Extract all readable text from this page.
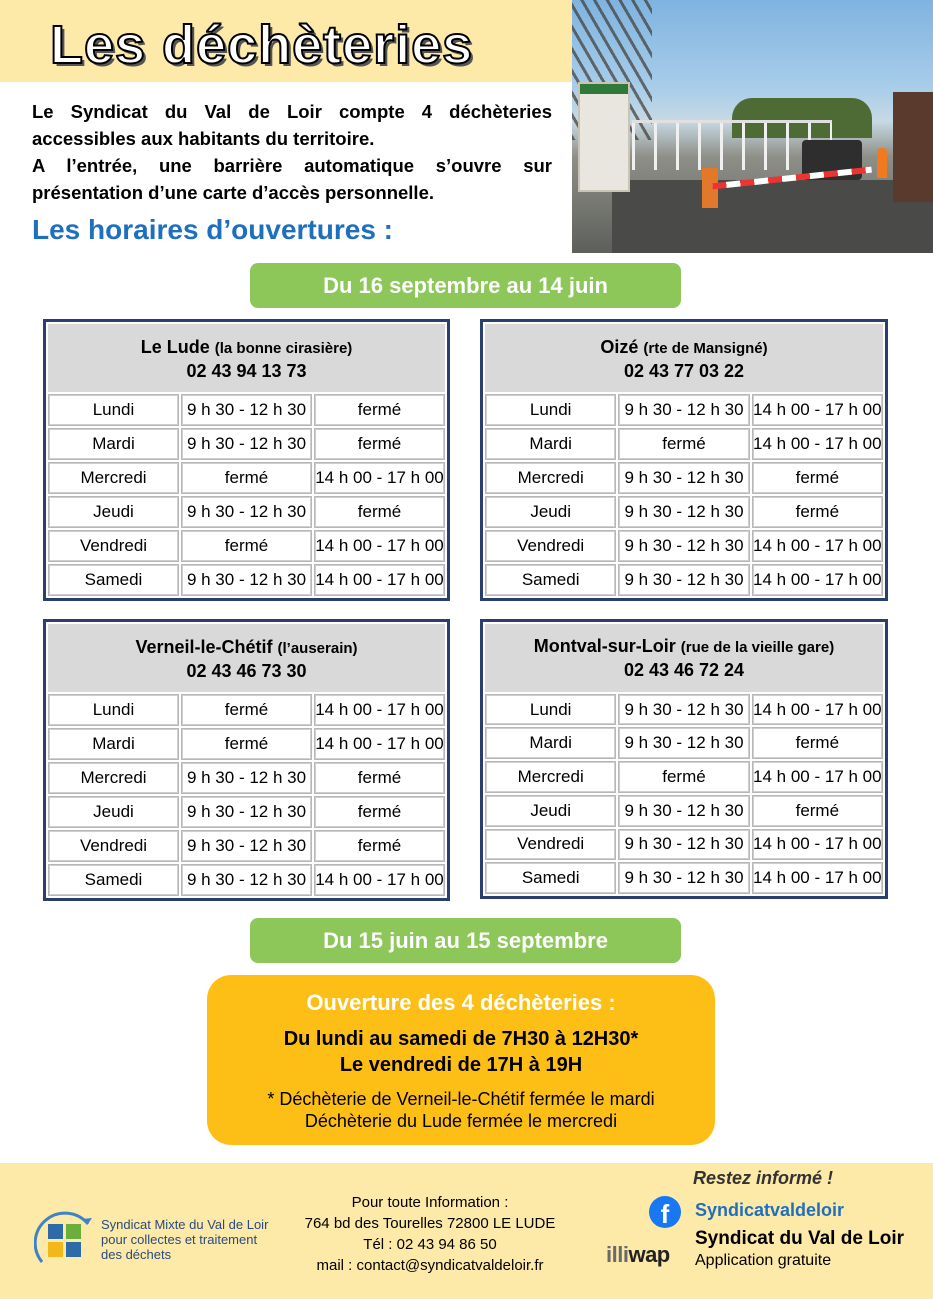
Les déchèteries

Le Syndicat du Val de Loir compte 4 déchèteries accessibles aux habitants du territoire.

A l’entrée, une barrière automatique s’ouvre sur présentation d’une carte d’accès personnelle.

Les horaires d’ouvertures :
Du 16 septembre au 14 juin
Le Lude (la bonne cirasière)
02 43 94 13 73		
Lundi	9 h 30 - 12 h 30	fermé
Mardi	9 h 30 - 12 h 30	fermé
Mercredi	fermé	14 h 00 - 17 h 00
Jeudi	9 h 30 - 12 h 30	fermé
Vendredi	fermé	14 h 00 - 17 h 00
Samedi	9 h 30 - 12 h 30	14 h 00 - 17 h 00
Oizé (rte de Mansigné)
02 43 77 03 22		
Lundi	9 h 30 - 12 h 30	14 h 00 - 17 h 00
Mardi	fermé	14 h 00 - 17 h 00
Mercredi	9 h 30 - 12 h 30	fermé
Jeudi	9 h 30 - 12 h 30	fermé
Vendredi	9 h 30 - 12 h 30	14 h 00 - 17 h 00
Samedi	9 h 30 - 12 h 30	14 h 00 - 17 h 00
Verneil-le-Chétif (l’auserain)
02 43 46 73 30		
Lundi	fermé	14 h 00 - 17 h 00
Mardi	fermé	14 h 00 - 17 h 00
Mercredi	9 h 30 - 12 h 30	fermé
Jeudi	9 h 30 - 12 h 30	fermé
Vendredi	9 h 30 - 12 h 30	fermé
Samedi	9 h 30 - 12 h 30	14 h 00 - 17 h 00
Montval-sur-Loir (rue de la vieille gare)
02 43 46 72 24		
Lundi	9 h 30 - 12 h 30	14 h 00 - 17 h 00
Mardi	9 h 30 - 12 h 30	fermé
Mercredi	fermé	14 h 00 - 17 h 00
Jeudi	9 h 30 - 12 h 30	fermé
Vendredi	9 h 30 - 12 h 30	14 h 00 - 17 h 00
Samedi	9 h 30 - 12 h 30	14 h 00 - 17 h 00
Du 15 juin au 15 septembre
Ouverture des 4 déchèteries :
Du lundi au samedi de 7H30 à 12H30*
Le vendredi de 17H à 19H
* Déchèterie de Verneil-le-Chétif fermée le mardi
Déchèterie du Lude fermée le mercredi
Syndicat Mixte du Val de Loir
pour collectes et traitement
des déchets
Pour toute Information :
764 bd des Tourelles 72800 LE LUDE
Tél : 02 43 94 86 50
mail : contact@syndicatvaldeloir.fr
Restez informé !
f	Syndicatvaldeloir
illiwap
Syndicat du Val de Loir
Application gratuite
